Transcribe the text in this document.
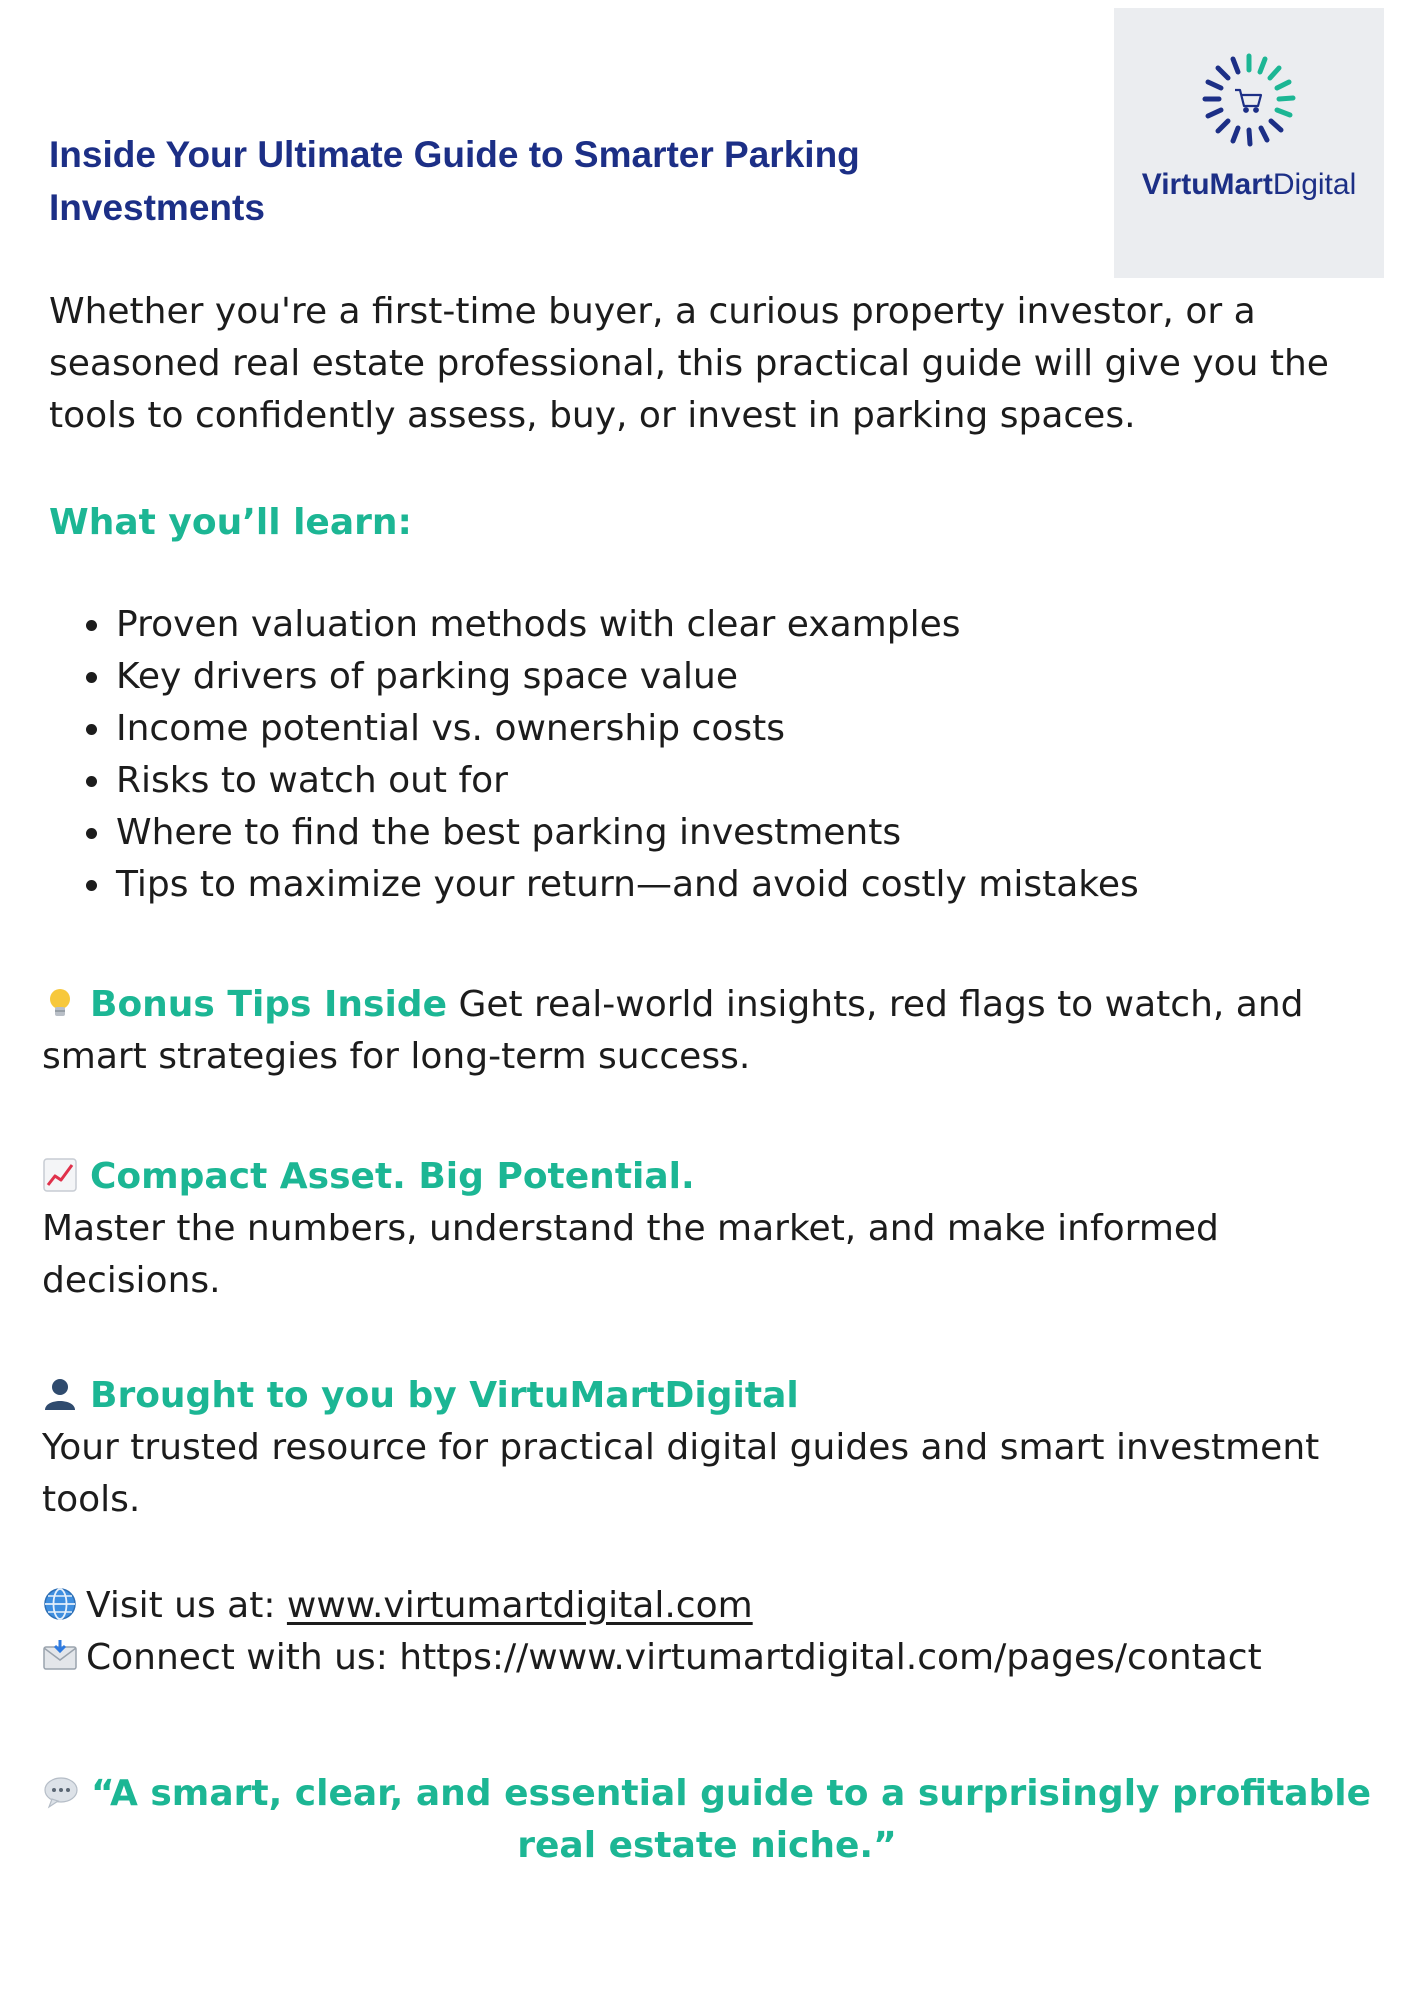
Inside Your Ultimate Guide to Smarter Parking Investments
VirtuMartDigital

Whether you're a first-time buyer, a curious property investor, or a seasoned real estate professional, this practical guide will give you the tools to confidently assess, buy, or invest in parking spaces.

What you’ll learn:

• Proven valuation methods with clear examples
• Key drivers of parking space value
• Income potential vs. ownership costs
• Risks to watch out for
• Where to find the best parking investments
• Tips to maximize your return—and avoid costly mistakes

Bonus Tips Inside Get real-world insights, red flags to watch, and smart strategies for long-term success.

Compact Asset. Big Potential.
Master the numbers, understand the market, and make informed decisions.
Brought to you by VirtuMartDigital
Your trusted resource for practical digital guides and smart investment tools.
Visit us at: www.virtumartdigital.com
Connect with us: https://www.virtumartdigital.com/pages/contact

“A smart, clear, and essential guide to a surprisingly profitable real estate niche.”
